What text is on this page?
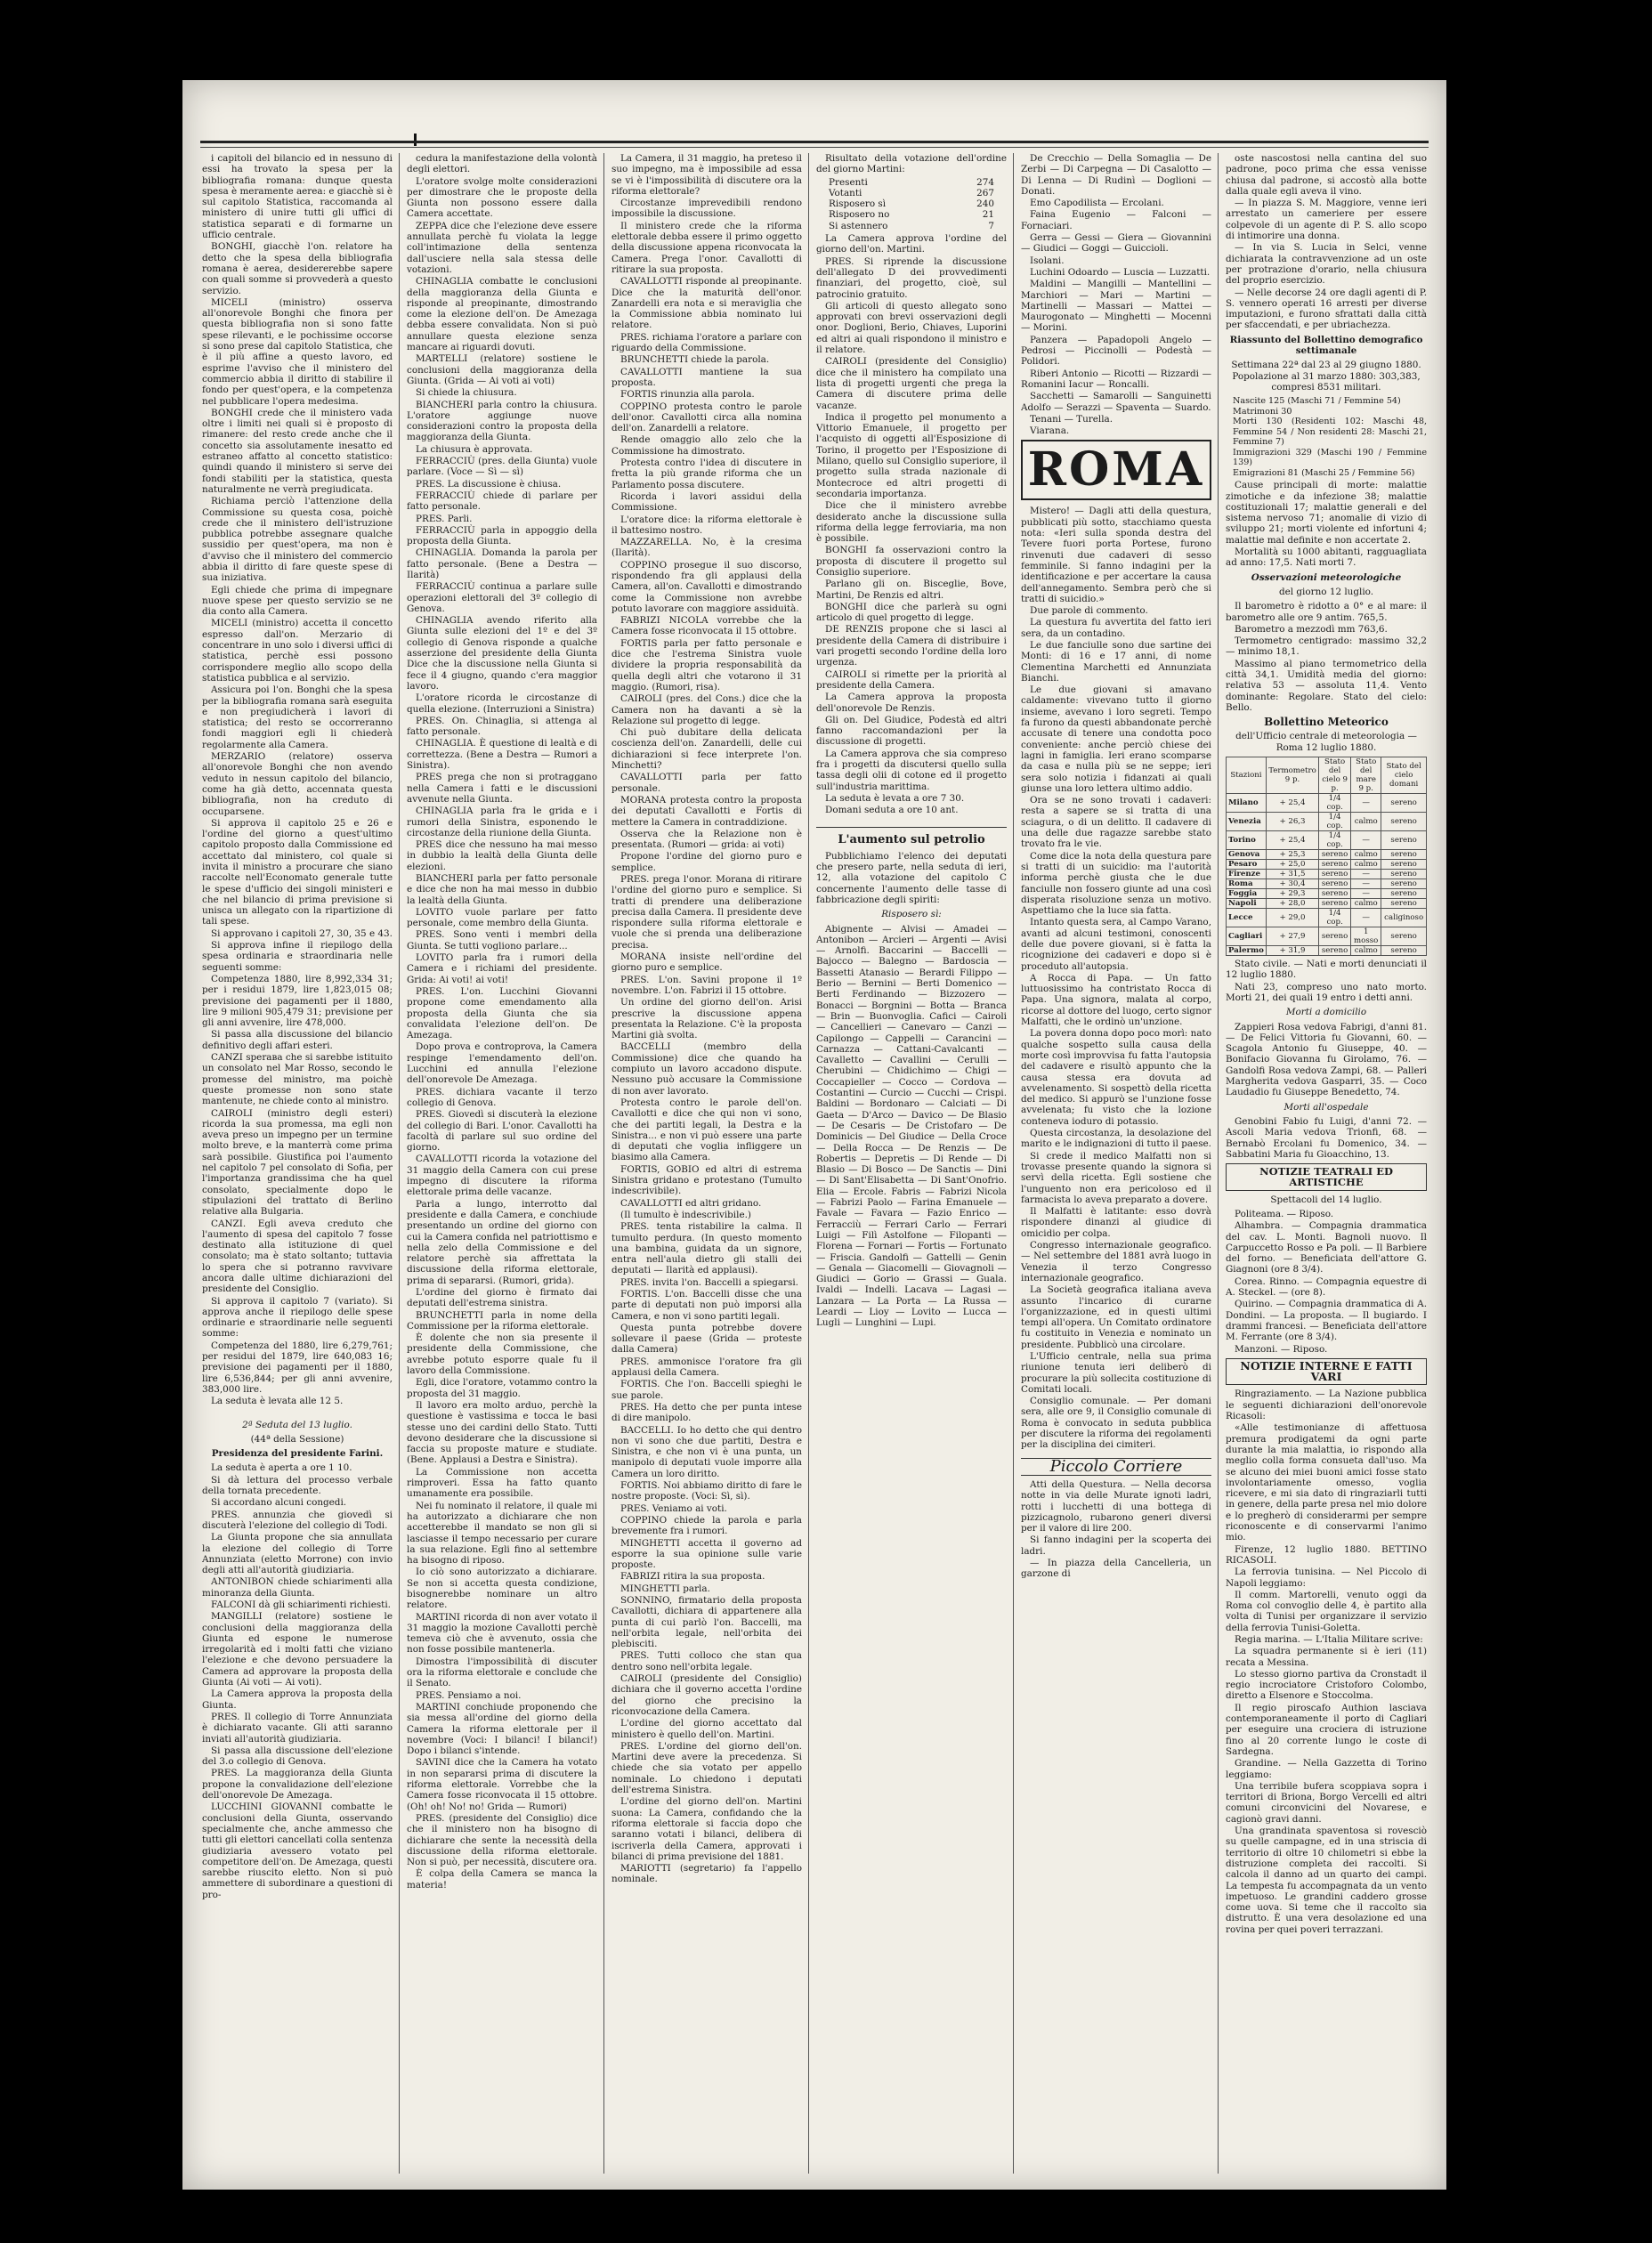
i capitoli del bilancio ed in nessuno di essi ha trovato la spesa per la bibliografia romana: dunque questa spesa è meramente aerea: e giacchè si è sul capitolo Statistica, raccomanda al ministero di unire tutti gli uffici di statistica separati e di formarne un ufficio centrale.

BONGHI, giacchè l'on. relatore ha detto che la spesa della bibliografia romana è aerea, desidererebbe sapere con quali somme si provvederà a questo servizio.

MICELI (ministro) osserva all'onorevole Bonghi che finora per questa bibliografia non si sono fatte spese rilevanti, e le pochissime occorse si sono prese dal capitolo Statistica, che è il più affine a questo lavoro, ed esprime l'avviso che il ministero del commercio abbia il diritto di stabilire il fondo per quest'opera, e la competenza nel pubblicare l'opera medesima.

BONGHI crede che il ministero vada oltre i limiti nei quali si è proposto di rimanere: del resto crede anche che il concetto sia assolutamente inesatto ed estraneo affatto al concetto statistico: quindi quando il ministero si serve dei fondi stabiliti per la statistica, questa naturalmente ne verrà pregiudicata.

Richiama perciò l'attenzione della Commissione su questa cosa, poichè crede che il ministero dell'istruzione pubblica potrebbe assegnare qualche sussidio per quest'opera, ma non è d'avviso che il ministero del commercio abbia il diritto di fare queste spese di sua iniziativa.

Egli chiede che prima di impegnare nuove spese per questo servizio se ne dia conto alla Camera.

MICELI (ministro) accetta il concetto espresso dall'on. Merzario di concentrare in uno solo i diversi uffici di statistica, perchè essi possono corrispondere meglio allo scopo della statistica pubblica e al servizio.

Assicura poi l'on. Bonghi che la spesa per la bibliografia romana sarà eseguita e non pregiudicherà i lavori di statistica; del resto se occorreranno fondi maggiori egli li chiederà regolarmente alla Camera.

MERZARIO (relatore) osserva all'onorevole Bonghi che non avendo veduto in nessun capitolo del bilancio, come ha già detto, accennata questa bibliografia, non ha creduto di occuparsene.

Si approva il capitolo 25 e 26 e l'ordine del giorno a quest'ultimo capitolo proposto dalla Commissione ed accettato dal ministero, col quale si invita il ministro a procurare che siano raccolte nell'Economato generale tutte le spese d'ufficio dei singoli ministeri e che nel bilancio di prima previsione si unisca un allegato con la ripartizione di tali spese.

Si approvano i capitoli 27, 30, 35 e 43.

Si approva infine il riepilogo della spesa ordinaria e straordinaria nelle seguenti somme:

Competenza 1880, lire 8,992,334 31; per i residui 1879, lire 1,823,015 08; previsione dei pagamenti per il 1880, lire 9 milioni 905,479 31; previsione per gli anni avvenire, lire 478,000.

Si passa alla discussione del bilancio definitivo degli affari esteri.

CANZI speraва che si sarebbe istituito un consolato nel Mar Rosso, secondo le promesse del ministro, ma poichè queste promesse non sono state mantenute, ne chiede conto al ministro.

CAIROLI (ministro degli esteri) ricorda la sua promessa, ma egli non aveva preso un impegno per un termine molto breve, e la manterrà come prima sarà possibile. Giustifica poi l'aumento nel capitolo 7 pel consolato di Sofia, per l'importanza grandissima che ha quel consolato, specialmente dopo le stipulazioni del trattato di Berlino relative alla Bulgaria.

CANZI. Egli aveva creduto che l'aumento di spesa del capitolo 7 fosse destinato alla istituzione di quel consolato; ma è stato soltanto; tuttavia lo spera che si potranno ravvivare ancora dalle ultime dichiarazioni del presidente del Consiglio.

Si approva il capitolo 7 (variato). Si approva anche il riepilogo delle spese ordinarie e straordinarie nelle seguenti somme:

Competenza del 1880, lire 6,279,761; per residui del 1879, lire 640,083 16; previsione dei pagamenti per il 1880, lire 6,536,844; per gli anni avvenire, 383,000 lire.

La seduta è levata alle 12 5.

2ª Seduta del 13 luglio.

(44ª della Sessione)

Presidenza del presidente Farini.

La seduta è aperta a ore 1 10.

Si dà lettura del processo verbale della tornata precedente.

Si accordano alcuni congedi.

PRES. annunzia che giovedì si discuterà l'elezione del collegio di Todi.

La Giunta propone che sia annullata la elezione del collegio di Torre Annunziata (eletto Morrone) con invio degli atti all'autorità giudiziaria.

ANTONIBON chiede schiarimenti alla minoranza della Giunta.

FALCONI dà gli schiarimenti richiesti.

MANGILLI (relatore) sostiene le conclusioni della maggioranza della Giunta ed espone le numerose irregolarità ed i molti fatti che viziano l'elezione e che devono persuadere la Camera ad approvare la proposta della Giunta (Ai voti — Ai voti).

La Camera approva la proposta della Giunta.

PRES. Il collegio di Torre Annunziata è dichiarato vacante. Gli atti saranno inviati all'autorità giudiziaria.

Si passa alla discussione dell'elezione del 3.o collegio di Genova.

PRES. La maggioranza della Giunta propone la convalidazione dell'elezione dell'onorevole De Amezaga.

LUCCHINI GIOVANNI combatte le conclusioni della Giunta, osservando specialmente che, anche ammesso che tutti gli elettori cancellati colla sentenza giudiziaria avessero votato pel competitore dell'on. De Amezaga, questi sarebbe riuscito eletto. Non si può ammettere di subordinare a questioni di pro-

cedura la manifestazione della volontà degli elettori.

L'oratore svolge molte considerazioni per dimostrare che le proposte della Giunta non possono essere dalla Camera accettate.

ZEPPA dice che l'elezione deve essere annullata perchè fu violata la legge coll'intimazione della sentenza dall'usciere nella sala stessa delle votazioni.

CHINAGLIA combatte le conclusioni della maggioranza della Giunta e risponde al preopinante, dimostrando come la elezione dell'on. De Amezaga debba essere convalidata. Non si può annullare questa elezione senza mancare ai riguardi dovuti.

MARTELLI (relatore) sostiene le conclusioni della maggioranza della Giunta. (Grida — Ai voti ai voti)

Si chiede la chiusura.

BIANCHERI parla contro la chiusura. L'oratore aggiunge nuove considerazioni contro la proposta della maggioranza della Giunta.

La chiusura è approvata.

FERRACCIÙ (pres. della Giunta) vuole parlare. (Voce — Sì — sì)

PRES. La discussione è chiusa.

FERRACCIÙ chiede di parlare per fatto personale.

PRES. Parli.

FERRACCIÙ parla in appoggio della proposta della Giunta.

CHINAGLIA. Domanda la parola per fatto personale. (Bene a Destra — Ilarità)

FERRACCIÙ continua a parlare sulle operazioni elettorali del 3º collegio di Genova.

CHINAGLIA avendo riferito alla Giunta sulle elezioni del 1º e del 3º collegio di Genova risponde a qualche asserzione del presidente della Giunta Dice che la discussione nella Giunta si fece il 4 giugno, quando c'era maggior lavoro.

L'oratore ricorda le circostanze di quella elezione. (Interruzioni a Sinistra)

PRES. On. Chinaglia, si attenga al fatto personale.

CHINAGLIA. È questione di lealtà e di correttezza. (Bene a Destra — Rumori a Sinistra).

PRES prega che non si protraggano nella Camera i fatti e le discussioni avvenute nella Giunta.

CHINAGLIA parla fra le grida e i rumori della Sinistra, esponendo le circostanze della riunione della Giunta.

PRES dice che nessuno ha mai messo in dubbio la lealtà della Giunta delle elezioni.

BIANCHERI parla per fatto personale e dice che non ha mai messo in dubbio la lealtà della Giunta.

LOVITO vuole parlare per fatto personale, come membro della Giunta.

PRES. Sono venti i membri della Giunta. Se tutti vogliono parlare...

LOVITO parla fra i rumori della Camera e i richiami del presidente. Grida: Ai voti! ai voti!

PRES. L'on. Lucchini Giovanni propone come emendamento alla proposta della Giunta che sia convalidata l'elezione dell'on. De Amezaga.

Dopo prova e controprova, la Camera respinge l'emendamento dell'on. Lucchini ed annulla l'elezione dell'onorevole De Amezaga.

PRES. dichiara vacante il terzo collegio di Genova.

PRES. Giovedì si discuterà la elezione del collegio di Bari. L'onor. Cavallotti ha facoltà di parlare sul suo ordine del giorno.

CAVALLOTTI ricorda la votazione del 31 maggio della Camera con cui prese impegno di discutere la riforma elettorale prima delle vacanze.

Parla a lungo, interrotto dal presidente e dalla Camera, e conchiude presentando un ordine del giorno con cui la Camera confida nel patriottismo e nella zelo della Commissione e del relatore perchè sia affrettata la discussione della riforma elettorale, prima di separarsi. (Rumori, grida).

L'ordine del giorno è firmato dai deputati dell'estrema sinistra.

BRUNCHETTI parla in nome della Commissione per la riforma elettorale.

È dolente che non sia presente il presidente della Commissione, che avrebbe potuto esporre quale fu il lavoro della Commissione.

Egli, dice l'oratore, votammo contro la proposta del 31 maggio.

Il lavoro era molto arduo, perchè la questione è vastissima e tocca le basi stesse uno dei cardini dello Stato. Tutti devono desiderare che la discussione si faccia su proposte mature e studiate. (Bene. Applausi a Destra e Sinistra).

La Commissione non accetta rimproveri. Essa ha fatto quanto umanamente era possibile.

Nei fu nominato il relatore, il quale mi ha autorizzato a dichiarare che non accetterebbe il mandato se non gli si lasciasse il tempo necessario per curare la sua relazione. Egli fino al settembre ha bisogno di riposo.

Io ciò sono autorizzato a dichiarare. Se non si accetta questa condizione, bisognerebbe nominare un altro relatore.

MARTINI ricorda di non aver votato il 31 maggio la mozione Cavallotti perchè temeva ciò che è avvenuto, ossia che non fosse possibile mantenerla.

Dimostra l'impossibilità di discuter ora la riforma elettorale e conclude che il Senato.

PRES. Pensiamo a noi.

MARTINI conchiude proponendo che sia messa all'ordine del giorno della Camera la riforma elettorale per il novembre (Voci: I bilanci! I bilanci!) Dopo i bilanci s'intende.

SAVINI dice che la Camera ha votato in non separarsi prima di discutere la riforma elettorale. Vorrebbe che la Camera fosse riconvocata il 15 ottobre. (Oh! oh! No! no! Grida — Rumori)

PRES. (presidente del Consiglio) dice che il ministero non ha bisogno di dichiarare che sente la necessità della discussione della riforma elettorale. Non si può, per necessità, discutere ora.

È colpa della Camera se manca la materia!

La Camera, il 31 maggio, ha preteso il suo impegno, ma è impossibile ad essa se vi è l'impossibilità di discutere ora la riforma elettorale?

Circostanze imprevedibili rendono impossibile la discussione.

Il ministero crede che la riforma elettorale debba essere il primo oggetto della discussione appena riconvocata la Camera. Prega l'onor. Cavallotti di ritirare la sua proposta.

CAVALLOTTI risponde al preopinante. Dice che la maturità dell'onor. Zanardelli era nota e si meraviglia che la Commissione abbia nominato lui relatore.

PRES. richiama l'oratore a parlare con riguardo della Commissione.

BRUNCHETTI chiede la parola.

CAVALLOTTI mantiene la sua proposta.

FORTIS rinunzia alla parola.

COPPINO protesta contro le parole dell'onor. Cavallotti circa alla nomina dell'on. Zanardelli a relatore.

Rende omaggio allo zelo che la Commissione ha dimostrato.

Protesta contro l'idea di discutere in fretta la più grande riforma che un Parlamento possa discutere.

Ricorda i lavori assidui della Commissione.

L'oratore dice: la riforma elettorale è il battesimo nostro.

MAZZARELLA. No, è la cresima (Ilarità).

COPPINO prosegue il suo discorso, rispondendo fra gli applausi della Camera, all'on. Cavallotti e dimostrando come la Commissione non avrebbe potuto lavorare con maggiore assiduità.

FABRIZI NICOLA vorrebbe che la Camera fosse riconvocata il 15 ottobre.

FORTIS parla per fatto personale e dice che l'estrema Sinistra vuole dividere la propria responsabilità da quella degli altri che votarono il 31 maggio. (Rumori, risa).

CAIROLI (pres. del Cons.) dice che la Camera non ha davanti a sè la Relazione sul progetto di legge.

Chi può dubitare della delicata coscienza dell'on. Zanardelli, delle cui dichiarazioni si fece interprete l'on. Minchetti?

CAVALLOTTI parla per fatto personale.

MORANA protesta contro la proposta dei deputati Cavallotti e Fortis di mettere la Camera in contraddizione.

Osserva che la Relazione non è presentata. (Rumori — grida: ai voti)

Propone l'ordine del giorno puro e semplice.

PRES. prega l'onor. Morana di ritirare l'ordine del giorno puro e semplice. Si tratti di prendere una deliberazione precisa dalla Camera. Il presidente deve rispondere sulla riforma elettorale e vuole che si prenda una deliberazione precisa.

MORANA insiste nell'ordine del giorno puro e semplice.

PRES. L'on. Savini propone il 1º novembre. L'on. Fabrizi il 15 ottobre.

Un ordine del giorno dell'on. Arisi prescrive la discussione appena presentata la Relazione. C'è la proposta Martini già svolta.

BACCELLI (membro della Commissione) dice che quando ha compiuto un lavoro accadono dispute. Nessuno può accusare la Commissione di non aver lavorato.

Protesta contro le parole dell'on. Cavallotti e dice che qui non vi sono, che dei partiti legali, la Destra e la Sinistra... e non vi può essere una parte di deputati che voglia infliggere un biasimo alla Camera.

FORTIS, GOBIO ed altri di estrema Sinistra gridano e protestano (Tumulto indescrivibile).

CAVALLOTTI ed altri gridano.

(Il tumulto è indescrivibile.)

PRES. tenta ristabilire la calma. Il tumulto perdura. (In questo momento una bambina, guidata da un signore, entra nell'aula dietro gli stalli dei deputati — Ilarità ed applausi).

PRES. invita l'on. Baccelli a spiegarsi.

FORTIS. L'on. Baccelli disse che una parte di deputati non può imporsi alla Camera, e non vi sono partiti legali.

Questa punta potrebbe dovere sollevare il paese (Grida — proteste dalla Camera)

PRES. ammonisce l'oratore fra gli applausi della Camera.

FORTIS. Che l'on. Baccelli spieghi le sue parole.

PRES. Ha detto che per punta intese di dire manipolo.

BACCELLI. Io ho detto che qui dentro non vi sono che due partiti, Destra e Sinistra, e che non vi è una punta, un manipolo di deputati vuole imporre alla Camera un loro diritto.

FORTIS. Noi abbiamo diritto di fare le nostre proposte. (Voci: Sì, sì).

PRES. Veniamo ai voti.

COPPINO chiede la parola e parla brevemente fra i rumori.

MINGHETTI accetta il governo ad esporre la sua opinione sulle varie proposte.

FABRIZI ritira la sua proposta.

MINGHETTI parla.

SONNINO, firmatario della proposta Cavallotti, dichiara di appartenere alla punta di cui parlò l'on. Baccelli, ma nell'orbita legale, nell'orbita dei plebisciti.

PRES. Tutti colloco che stan qua dentro sono nell'orbita legale.

CAIROLI (presidente del Consiglio) dichiara che il governo accetta l'ordine del giorno che precisino la riconvocazione della Camera.

L'ordine del giorno accettato dal ministero è quello dell'on. Martini.

PRES. L'ordine del giorno dell'on. Martini deve avere la precedenza. Si chiede che sia votato per appello nominale. Lo chiedono i deputati dell'estrema Sinistra.

L'ordine del giorno dell'on. Martini suona: La Camera, confidando che la riforma elettorale si faccia dopo che saranno votati i bilanci, delibera di iscriverla della Camera, approvati i bilanci di prima previsione del 1881.

MARIOTTI (segretario) fa l'appello nominale.

Risultato della votazione dell'ordine del giorno Martini:

Presenti	274
Votanti	267
Risposero sì	240
Risposero no	21
Si astennero	7

La Camera approva l'ordine del giorno dell'on. Martini.

PRES. Si riprende la discussione dell'allegato D dei provvedimenti finanziari, del progetto, cioè, sul patrocinio gratuito.

Gli articoli di questo allegato sono approvati con brevi osservazioni degli onor. Doglioni, Berio, Chiaves, Luporini ed altri ai quali rispondono il ministro e il relatore.

CAIROLI (presidente del Consiglio) dice che il ministero ha compilato una lista di progetti urgenti che prega la Camera di discutere prima delle vacanze.

Indica il progetto pel monumento a Vittorio Emanuele, il progetto per l'acquisto di oggetti all'Esposizione di Torino, il progetto per l'Esposizione di Milano, quello sul Consiglio superiore, il progetto sulla strada nazionale di Montecroce ed altri progetti di secondaria importanza.

Dice che il ministero avrebbe desiderato anche la discussione sulla riforma della legge ferroviaria, ma non è possibile.

BONGHI fa osservazioni contro la proposta di discutere il progetto sul Consiglio superiore.

Parlano gli on. Bisceglie, Bove, Martini, De Renzis ed altri.

BONGHI dice che parlerà su ogni articolo di quel progetto di legge.

DE RENZIS propone che si lasci al presidente della Camera di distribuire i vari progetti secondo l'ordine della loro urgenza.

CAIROLI si rimette per la priorità al presidente della Camera.

La Camera approva la proposta dell'onorevole De Renzis.

Gli on. Del Giudice, Podestà ed altri fanno raccomandazioni per la discussione di progetti.

La Camera approva che sia compreso fra i progetti da discutersi quello sulla tassa degli olii di cotone ed il progetto sull'industria marittima.

La seduta è levata a ore 7 30.

Domani seduta a ore 10 ant.

L'aumento sul petrolio

Pubblichiamo l'elenco dei deputati che presero parte, nella seduta di ieri, 12, alla votazione del capitolo C concernente l'aumento delle tasse di fabbricazione degli spiriti:

Risposero sì:

Abignente — Alvisi — Amadei — Antonibon — Arcieri — Argenti — Avisi — Arnolfi. Baccarini — Baccelli — Bajocco — Balegno — Bardoscia — Bassetti Atanasio — Berardi Filippo — Berio — Bernini — Berti Domenico — Berti Ferdinando — Bizzozero — Bonacci — Borgnini — Botta — Branca — Brin — Buonvoglia. Cafici — Cairoli — Cancellieri — Canevaro — Canzi — Capilongo — Cappelli — Carancini — Carnazza — Cattani-Cavalcanti — Cavalletto — Cavallini — Cerulli — Cherubini — Chidichimo — Chigi — Coccapieller — Cocco — Cordova — Costantini — Curcio — Cucchi — Crispi. Baldini — Bordonaro — Calciati — Di Gaeta — D'Arco — Davico — De Blasio — De Cesaris — De Cristofaro — De Dominicis — Del Giudice — Della Croce — Della Rocca — De Renzis — De Robertis — Depretis — Di Rende — Di Blasio — Di Bosco — De Sanctis — Dini — Di Sant'Elisabetta — Di Sant'Onofrio. Elia — Ercole. Fabris — Fabrizi Nicola — Fabrizi Paolo — Farina Emanuele — Favale — Favara — Fazio Enrico — Ferracciù — Ferrari Carlo — Ferrari Luigi — Filì Astolfone — Filopanti — Florena — Fornari — Fortis — Fortunato — Friscia. Gandolfi — Gattelli — Genin — Genala — Giacomelli — Giovagnoli — Giudici — Gorio — Grassi — Guala. Ivaldi — Indelli. Lacava — Lagasi — Lanzara — La Porta — La Russa — Leardi — Lioy — Lovito — Lucca — Lugli — Lunghini — Lupi.

De Crecchio — Della Somaglia — De Zerbi — Di Carpegna — Di Casalotto — Di Lenna — Di Rudinì — Doglioni — Donati.

Emo Capodilista — Ercolani.

Faina Eugenio — Falconi — Fornaciari.

Gerra — Gessi — Giera — Giovannini — Giudici — Goggi — Guiccioli.

Isolani.

Luchini Odoardo — Luscia — Luzzatti.

Maldini — Mangilli — Mantellini — Marchiori — Mari — Martini — Martinelli — Massari — Mattei — Maurogonato — Minghetti — Mocenni — Morini.

Panzera — Papadopoli Angelo — Pedrosi — Piccinolli — Podestà — Polidori.

Riberi Antonio — Ricotti — Rizzardi — Romanini Iacur — Roncalli.

Sacchetti — Samarolli — Sanguinetti Adolfo — Serazzi — Spaventa — Suardo.

Tenani — Turella.

Viarana.

ROMA

Mistero! — Dagli atti della questura, pubblicati più sotto, stacchiamo questa nota: «Ieri sulla sponda destra del Tevere fuori porta Portese, furono rinvenuti due cadaveri di sesso femminile. Si fanno indagini per la identificazione e per accertare la causa dell'annegamento. Sembra però che si tratti di suicidio.»

Due parole di commento.

La questura fu avvertita del fatto ieri sera, da un contadino.

Le due fanciulle sono due sartine dei Monti: di 16 e 17 anni, di nome Clementina Marchetti ed Annunziata Bianchi.

Le due giovani si amavano caldamente: vivevano tutto il giorno insieme, avevano i loro segreti. Tempo fa furono da questi abbandonate perchè accusate di tenere una condotta poco conveniente: anche perciò chiese dei lagni in famiglia. Ieri erano scomparse da casa e nulla più se ne seppe; ieri sera solo notizia i fidanzati ai quali giunse una loro lettera ultimo addio.

Ora se ne sono trovati i cadaveri: resta a sapere se si tratta di una sciagura, o di un delitto. Il cadavere di una delle due ragazze sarebbe stato trovato fra le vie.

Come dice la nota della questura pare si tratti di un suicidio: ma l'autorità informa perchè giusta che le due fanciulle non fossero giunte ad una così disperata risoluzione senza un motivo. Aspettiamo che la luce sia fatta.

Intanto questa sera, al Campo Varano, avanti ad alcuni testimoni, conoscenti delle due povere giovani, si è fatta la ricognizione dei cadaveri e dopo si è proceduto all'autopsia.

A Rocca di Papa. — Un fatto luttuosissimo ha contristato Rocca di Papa. Una signora, malata al corpo, ricorse al dottore del luogo, certo signor Malfatti, che le ordinò un'unzione.

La povera donna dopo poco morì: nato qualche sospetto sulla causa della morte così improvvisa fu fatta l'autopsia del cadavere e risultò appunto che la causa stessa era dovuta ad avvelenamento. Si sospettò della ricetta del medico. Si appurò se l'unzione fosse avvelenata; fu visto che la lozione conteneva ioduro di potassio.

Questa circostanza, la desolazione del marito e le indignazioni di tutto il paese.

Si crede il medico Malfatti non si trovasse presente quando la signora si servì della ricetta. Egli sostiene che l'unguento non era pericoloso ed il farmacista lo aveva preparato a dovere.

Il Malfatti è latitante: esso dovrà rispondere dinanzi al giudice di omicidio per colpa.

Congresso internazionale geografico. — Nel settembre del 1881 avrà luogo in Venezia il terzo Congresso internazionale geografico.

La Società geografica italiana aveva assunto l'incarico di curarne l'organizzazione, ed in questi ultimi tempi all'opera. Un Comitato ordinatore fu costituito in Venezia e nominato un presidente. Pubblicò una circolare.

L'Ufficio centrale, nella sua prima riunione tenuta ieri deliberò di procurare la più sollecita costituzione di Comitati locali.

Consiglio comunale. — Per domani sera, alle ore 9, il Consiglio comunale di Roma è convocato in seduta pubblica per discutere la riforma dei regolamenti per la disciplina dei cimiteri.

Piccolo Corriere

Atti della Questura. — Nella decorsa notte in via delle Murate ignoti ladri, rotti i lucchetti di una bottega di pizzicagnolo, rubarono generi diversi per il valore di lire 200.

Si fanno indagini per la scoperta dei ladri.

— In piazza della Cancelleria, un garzone di

oste nascostosi nella cantina del suo padrone, poco prima che essa venisse chiusa dal padrone, si accostò alla botte dalla quale egli aveva il vino.

— In piazza S. M. Maggiore, venne ieri arrestato un cameriere per essere colpevole di un agente di P. S. allo scopo di intimorire una donna.

— In via S. Lucia in Selci, venne dichiarata la contravvenzione ad un oste per protrazione d'orario, nella chiusura del proprio esercizio.

— Nelle decorse 24 ore dagli agenti di P. S. vennero operati 16 arresti per diverse imputazioni, e furono sfrattati dalla città per sfaccendati, e per ubriachezza.

Riassunto del Bollettino demografico settimanale

Settimana 22ª dal 23 al 29 giugno 1880. Popolazione al 31 marzo 1880: 303,383, compresi 8531 militari.

Nascite 125 (Maschi 71 / Femmine 54)
Matrimoni 30
Morti 130 (Residenti 102: Maschi 48, Femmine 54 / Non residenti 28: Maschi 21, Femmine 7)
Immigrazioni 329 (Maschi 190 / Femmine 139)
Emigrazioni 81 (Maschi 25 / Femmine 56)

Cause principali di morte: malattie zimotiche e da infezione 38; malattie costituzionali 17; malattie generali e del sistema nervoso 71; anomalie di vizio di sviluppo 21; morti violente ed infortuni 4; malattie mal definite e non accertate 2.

Mortalità su 1000 abitanti, ragguagliata ad anno: 17,5. Nati morti 7.

Osservazioni meteorologiche

del giorno 12 luglio.

Il barometro è ridotto a 0° e al mare: il barometro alle ore 9 antim. 765,5.

Barometro a mezzodì mm 763,6.

Termometro centigrado: massimo 32,2 — minimo 18,1.

Massimo al piano termometrico della città 34,1. Umidità media del giorno: relativa 53 — assoluta 11,4. Vento dominante: Regolare. Stato del cielo: Bello.

Bollettino Meteorico

dell'Ufficio centrale di meteorologia — Roma 12 luglio 1880.

Stazioni	Termometro 9 p.	Stato del cielo 9 p.	Stato del mare 9 p.	Stato del cielo domani
Milano	+ 25,4	1/4 cop.	—	sereno
Venezia	+ 26,3	1/4 cop.	calmo	sereno
Torino	+ 25,4	1/4 cop.	—	sereno
Genova	+ 25,3	sereno	calmo	sereno
Pesaro	+ 25,0	sereno	calmo	sereno
Firenze	+ 31,5	sereno	—	sereno
Roma	+ 30,4	sereno	—	sereno
Foggia	+ 29,3	sereno	—	sereno
Napoli	+ 28,0	sereno	calmo	sereno
Lecce	+ 29,0	1/4 cop.	—	caliginoso
Cagliari	+ 27,9	sereno	1 mosso	sereno
Palermo	+ 31,9	sereno	calmo	sereno

Stato civile. — Nati e morti denunciati il 12 luglio 1880.

Nati 23, compreso uno nato morto. Morti 21, dei quali 19 entro i detti anni.

Morti a domicilio

Zappieri Rosa vedova Fabrigi, d'anni 81. — De Felici Vittoria fu Giovanni, 60. — Scagola Antonio fu Giuseppe, 40. — Bonifacio Giovanna fu Girolamo, 76. — Gandolfi Rosa vedova Zampi, 68. — Palleri Margherita vedova Gasparri, 35. — Coco Laudadio fu Giuseppe Benedetto, 74.

Morti all'ospedale

Genobini Fabio fu Luigi, d'anni 72. — Ascoli Maria vedova Trionfi, 68. — Bernabò Ercolani fu Domenico, 34. — Sabbatini Maria fu Gioacchino, 13.

NOTIZIE TEATRALI ED ARTISTICHE

Spettacoli del 14 luglio.

Politeama. — Riposo.

Alhambra. — Compagnia drammatica del cav. L. Monti. Bagnoli nuovo. Il Carpuccetto Rosso e Pa poli. — Il Barbiere del forno. — Beneficiata dell'attore G. Giagnoni (ore 8 3/4).

Corea. Rinno. — Compagnia equestre di A. Steckel. — (ore 8).

Quirino. — Compagnia drammatica di A. Dondini. — La proposta. — Il bugiardo. I drammi francesi. — Beneficiata dell'attore M. Ferrante (ore 8 3/4).

Manzoni. — Riposo.

NOTIZIE INTERNE E FATTI VARI

Ringraziamento. — La Nazione pubblica le seguenti dichiarazioni dell'onorevole Ricasoli:

«Alle testimonianze di affettuosa premura prodigatemi da ogni parte durante la mia malattia, io rispondo alla meglio colla forma consueta dall'uso. Ma se alcuno dei miei buoni amici fosse stato involontariamente omesso, voglia ricevere, e mi sia dato di ringraziarli tutti in genere, della parte presa nel mio dolore e lo pregherò di considerarmi per sempre riconoscente e di conservarmi l'animo mio.

Firenze, 12 luglio 1880. BETTINO RICASOLI.

La ferrovia tunisina. — Nel Piccolo di Napoli leggiamo:

Il comm. Martorelli, venuto oggi da Roma col convoglio delle 4, è partito alla volta di Tunisi per organizzare il servizio della ferrovia Tunisi-Goletta.

Regia marina. — L'Italia Militare scrive:

La squadra permanente si è ieri (11) recata a Messina.

Lo stesso giorno partiva da Cronstadt il regio incrociatore Cristoforo Colombo, diretto a Elsenore e Stoccolma.

Il regio piroscafo Authion lasciava contemporaneamente il porto di Cagliari per eseguire una crociera di istruzione fino al 20 corrente lungo le coste di Sardegna.

Grandine. — Nella Gazzetta di Torino leggiamo:

Una terribile bufera scoppiava sopra i territori di Briona, Borgo Vercelli ed altri comuni circonvicini del Novarese, e cagionò gravi danni.

Una grandinata spaventosa si rovesciò su quelle campagne, ed in una striscia di territorio di oltre 10 chilometri si ebbe la distruzione completa dei raccolti. Si calcola il danno ad un quarto dei campi. La tempesta fu accompagnata da un vento impetuoso. Le grandini caddero grosse come uova. Si teme che il raccolto sia distrutto. È una vera desolazione ed una rovina per quei poveri terrazzani.
